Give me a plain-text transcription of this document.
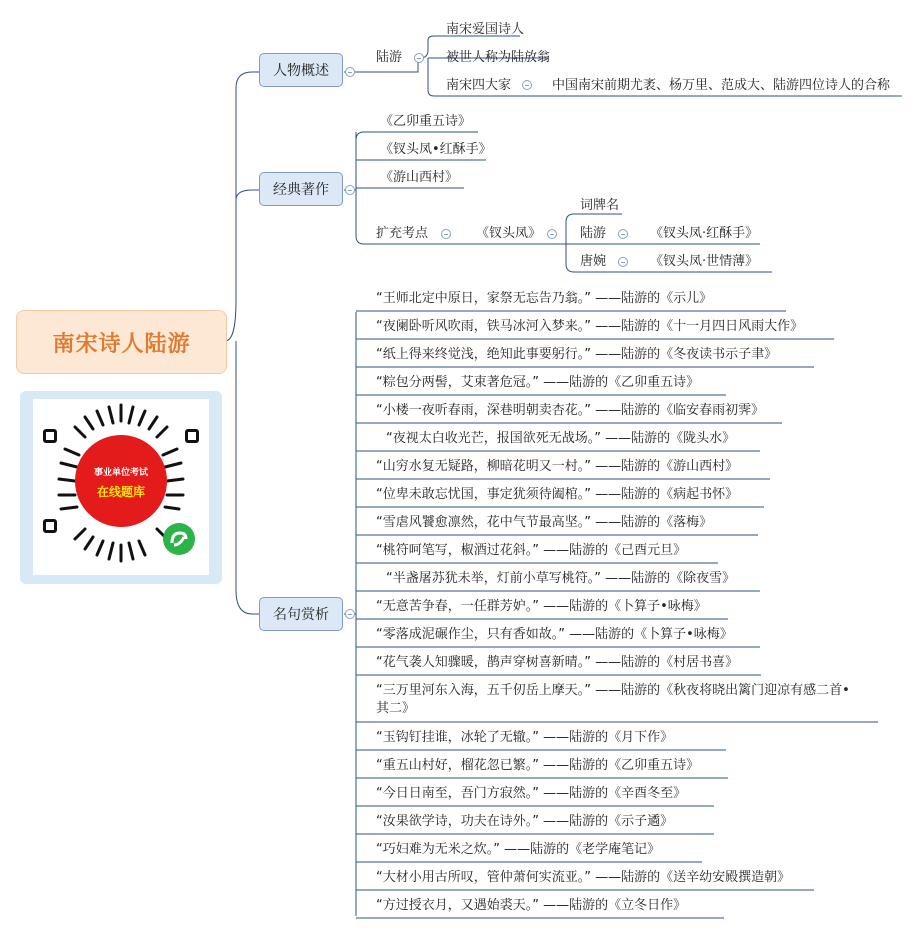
南宋诗人陆游
事业单位考试
在线题库
人物概述
经典著作
名句赏析
陆游
南宋爱国诗人
被世人称为陆放翁
南宋四大家	中国南宋前期尤袤、杨万里、范成大、陆游四位诗人的合称
《乙卯重五诗》
《钗头凤•红酥手》
《游山西村》
扩充考点	《钗头凤》
词牌名
陆游	《钗头凤·红酥手》
唐婉	《钗头凤·世情薄》
“王师北定中原日，家祭无忘告乃翁。” ——陆游的《示儿》
“夜阑卧听风吹雨，铁马冰河入梦来。” ——陆游的《十一月四日风雨大作》
“纸上得来终觉浅，绝知此事要躬行。” ——陆游的《冬夜读书示子聿》
“粽包分两髻，艾束著危冠。” ——陆游的《乙卯重五诗》
“小楼一夜听春雨，深巷明朝卖杏花。” ——陆游的《临安春雨初霁》
“夜视太白收光芒，报国欲死无战场。” ——陆游的《陇头水》
“山穷水复无疑路，柳暗花明又一村。” ——陆游的《游山西村》
“位卑未敢忘忧国，事定犹须待阖棺。” ——陆游的《病起书怀》
“雪虐风饕愈凛然，花中气节最高坚。” ——陆游的《落梅》
“桃符呵笔写，椒酒过花斜。” ——陆游的《己酉元旦》
“半盏屠苏犹未举，灯前小草写桃符。” ——陆游的《除夜雪》
“无意苦争春，一任群芳妒。” ——陆游的《卜算子•咏梅》
“零落成泥碾作尘，只有香如故。” ——陆游的《卜算子•咏梅》
“花气袭人知骤暖，鹊声穿树喜新晴。” ——陆游的《村居书喜》
“三万里河东入海，五千仞岳上摩天。” ——陆游的《秋夜将晓出篱门迎凉有感二首•
其二》
“玉钩钉挂谁，冰轮了无辙。” ——陆游的《月下作》
“重五山村好，榴花忽已繁。” ——陆游的《乙卯重五诗》
“今日日南至，吾门方寂然。” ——陆游的《辛酉冬至》
“汝果欲学诗，功夫在诗外。” ——陆游的《示子遹》
“巧妇难为无米之炊。” ——陆游的《老学庵笔记》
“大材小用古所叹，管仲萧何实流亚。” ——陆游的《送辛幼安殿撰造朝》
“方过授衣月，又遇始裘天。” ——陆游的《立冬日作》
